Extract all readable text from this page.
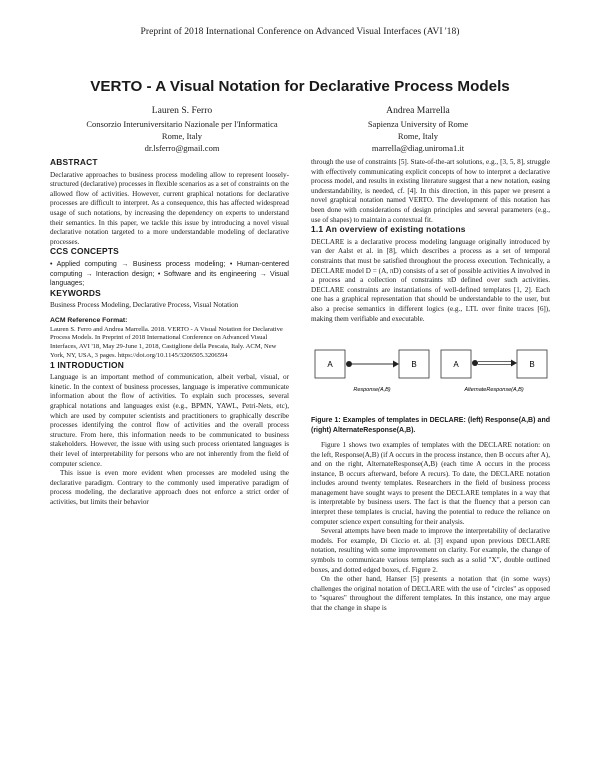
Preprint of 2018 International Conference on Advanced Visual Interfaces (AVI '18)
VERTO - A Visual Notation for Declarative Process Models
Lauren S. Ferro
Consorzio Interuniversitario Nazionale per l'Informatica
Rome, Italy
dr.lsferro@gmail.com
Andrea Marrella
Sapienza University of Rome
Rome, Italy
marrella@diag.uniroma1.it
ABSTRACT

Declarative approaches to business process modeling allow to represent loosely-structured (declarative) processes in flexible scenarios as a set of constraints on the allowed flow of activities. However, current graphical notations for declarative processes are difficult to interpret. As a consequence, this has affected widespread usage of such notations, by increasing the dependency on experts to understand their semantics. In this paper, we tackle this issue by introducing a novel visual declarative notation targeted to a more understandable modeling of declarative processes.

CCS CONCEPTS

• Applied computing → Business process modeling; • Human-centered computing → Interaction design; • Software and its engineering → Visual languages;

KEYWORDS

Business Process Modeling, Declarative Process, Visual Notation

ACM Reference Format:

Lauren S. Ferro and Andrea Marrella. 2018. VERTO - A Visual Notation for Declarative Process Models. In Preprint of 2018 International Conference on Advanced Visual Interfaces, AVI '18, May 29-June 1, 2018, Castiglione della Pescaia, Italy. ACM, New York, NY, USA, 3 pages. https://doi.org/10.1145/3206505.3206594

1 INTRODUCTION

Language is an important method of communication, albeit verbal, visual, or kinetic. In the context of business processes, language is imperative communicate information about the flow of activities. To explain such processes, several graphical notations and languages exist (e.g., BPMN, YAWL, Petri-Nets, etc), which are used by computer scientists and practitioners to graphically describe processes identifying the control flow of activities and the overall process structure. From here, this information needs to be communicated to business stakeholders. However, the issue with using such process orientated languages is their level of interpretability for persons who are not inherently from the field of computer science.

This issue is even more evident when processes are modeled using the declarative paradigm. Contrary to the commonly used imperative paradigm of process modeling, the declarative approach does not enforce a strict order of activities, but limits their behavior

through the use of constraints [5]. State-of-the-art solutions, e.g., [3, 5, 8], struggle with effectively communicating explicit concepts of how to interpret a declarative process model, and results in existing literature suggest that a new notation, easing understandability, is needed, cf. [4]. In this direction, in this paper we present a novel graphical notation named VERTO. The development of this notation has been done with considerations of design principles and several parameters (e.g., use of shapes) to maintain a contextual fit.

1.1 An overview of existing notations

DECLARE is a declarative process modeling language originally introduced by van der Aalst et al. in [8], which describes a process as a set of temporal constraints that must be satisfied throughout the process execution. Technically, a DECLARE model D = (A, πD) consists of a set of possible activities A involved in a process and a collection of constraints πD defined over such activities. DECLARE constraints are instantiations of well-defined templates [1, 2]. Each one has a graphical representation that should be understandable to the user, but also a precise semantics in different logics (e.g., LTL over finite traces [6]), making them verifiable and executable.

A	B
Response(A,B)
A	B
AlternateResponse(A,B)
Figure 1: Examples of templates in DECLARE: (left) Response(A,B) and (right) AlternateResponse(A,B).

Figure 1 shows two examples of templates with the DECLARE notation: on the left, Response(A,B) (if A occurs in the process instance, then B occurs after A), and on the right, AlternateResponse(A,B) (each time A occurs in the process instance, B occurs afterward, before A recurs). To date, the DECLARE notation includes around twenty templates. Researchers in the field of business process management have sought ways to present the DECLARE templates in a way that is interpretable by business users. The fact is that the fluency that a person can interpret these templates is crucial, having the potential to reduce the reliance on computer science expert consulting for their analysis.

Several attempts have been made to improve the interpretability of declarative models. For example, Di Ciccio et. al. [3] expand upon previous DECLARE notation, resulting with some improvement on clarity. For example, the change of symbols to communicate various templates such as a solid "X", double outlined boxes, and dotted edged boxes, cf. Figure 2.

On the other hand, Hanser [5] presents a notation that (in some ways) challenges the original notation of DECLARE with the use of "circles" as opposed to "squares" throughout the different templates. In this instance, one may argue that the change in shape is
